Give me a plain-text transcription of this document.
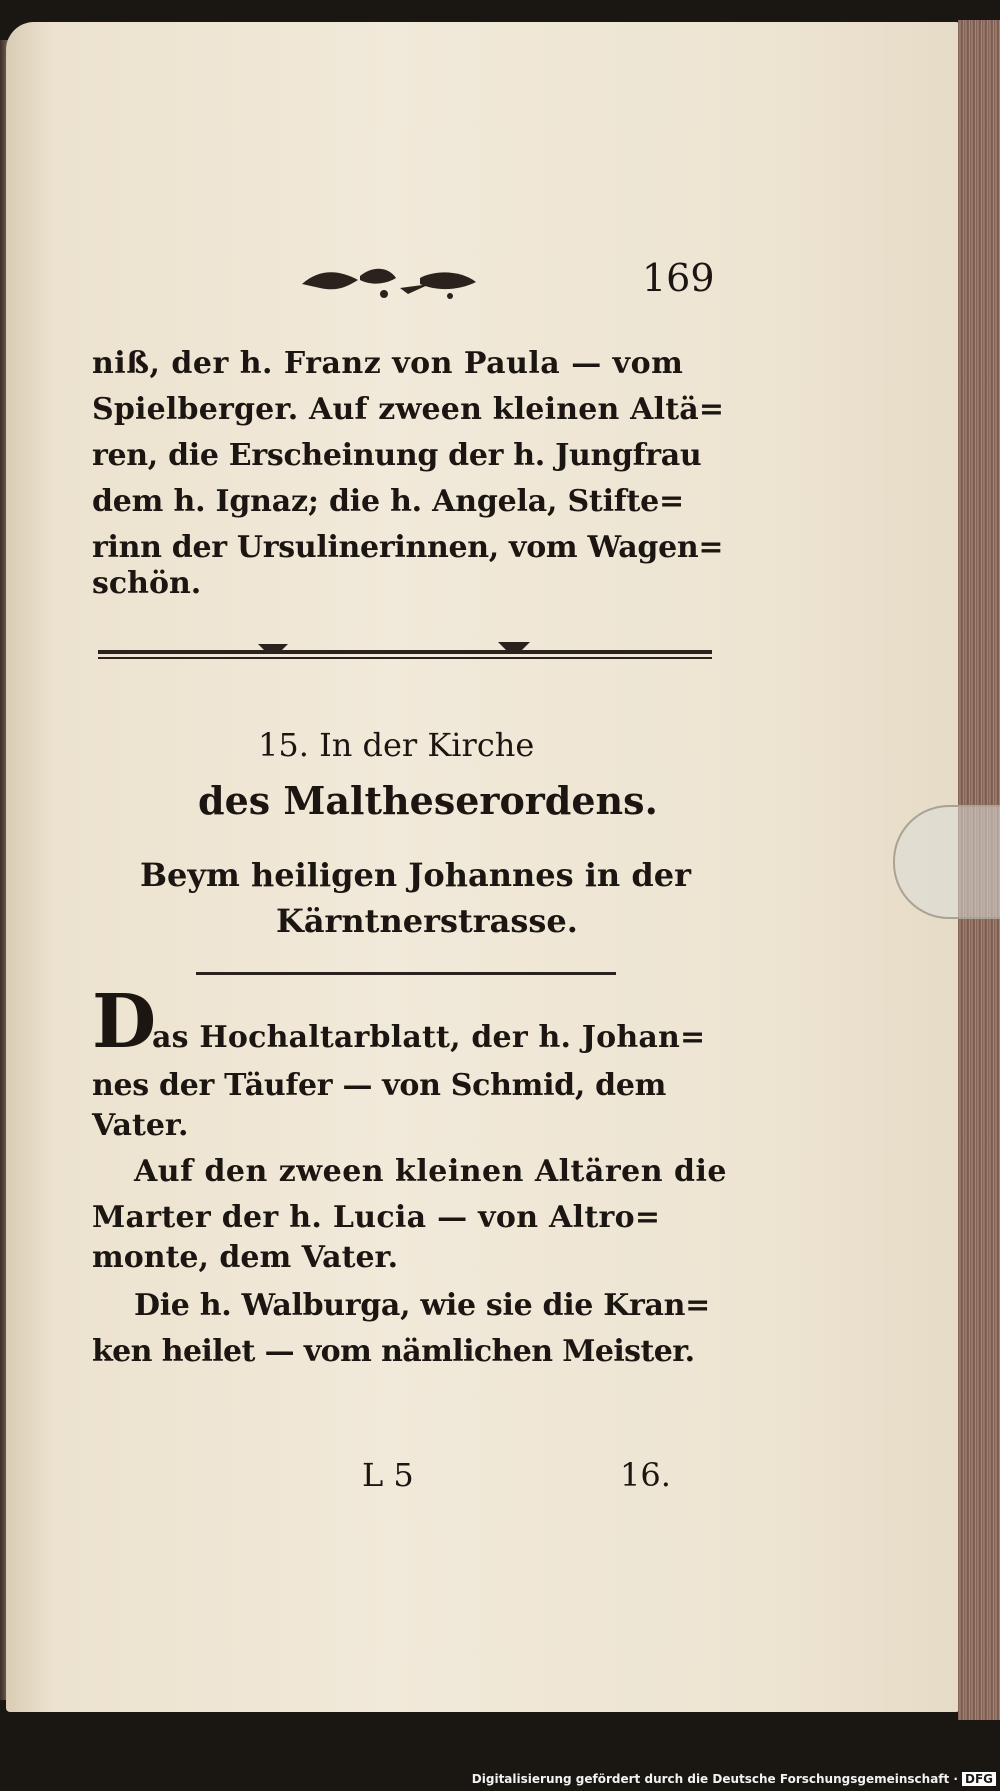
169
niß, der h. Franz von Paula — vom
Spielberger. Auf zween kleinen Altä=
ren, die Erscheinung der h. Jungfrau
dem h. Ignaz; die h. Angela, Stifte=
rinn der Ursulinerinnen, vom Wagen=
schön.
15. In der Kirche
des Maltheserordens.
Beym heiligen Johannes in der
Kärntnerstrasse.
D
as Hochaltarblatt, der h. Johan=
nes der Täufer — von Schmid, dem
Vater.
Auf den zween kleinen Altären die
Marter der h. Lucia — von Altro=
monte, dem Vater.
Die h. Walburga, wie sie die Kran=
ken heilet — vom nämlichen Meister.
L 5	16.
Digitalisierung gefördert durch die Deutsche Forschungsgemeinschaft · DFG
